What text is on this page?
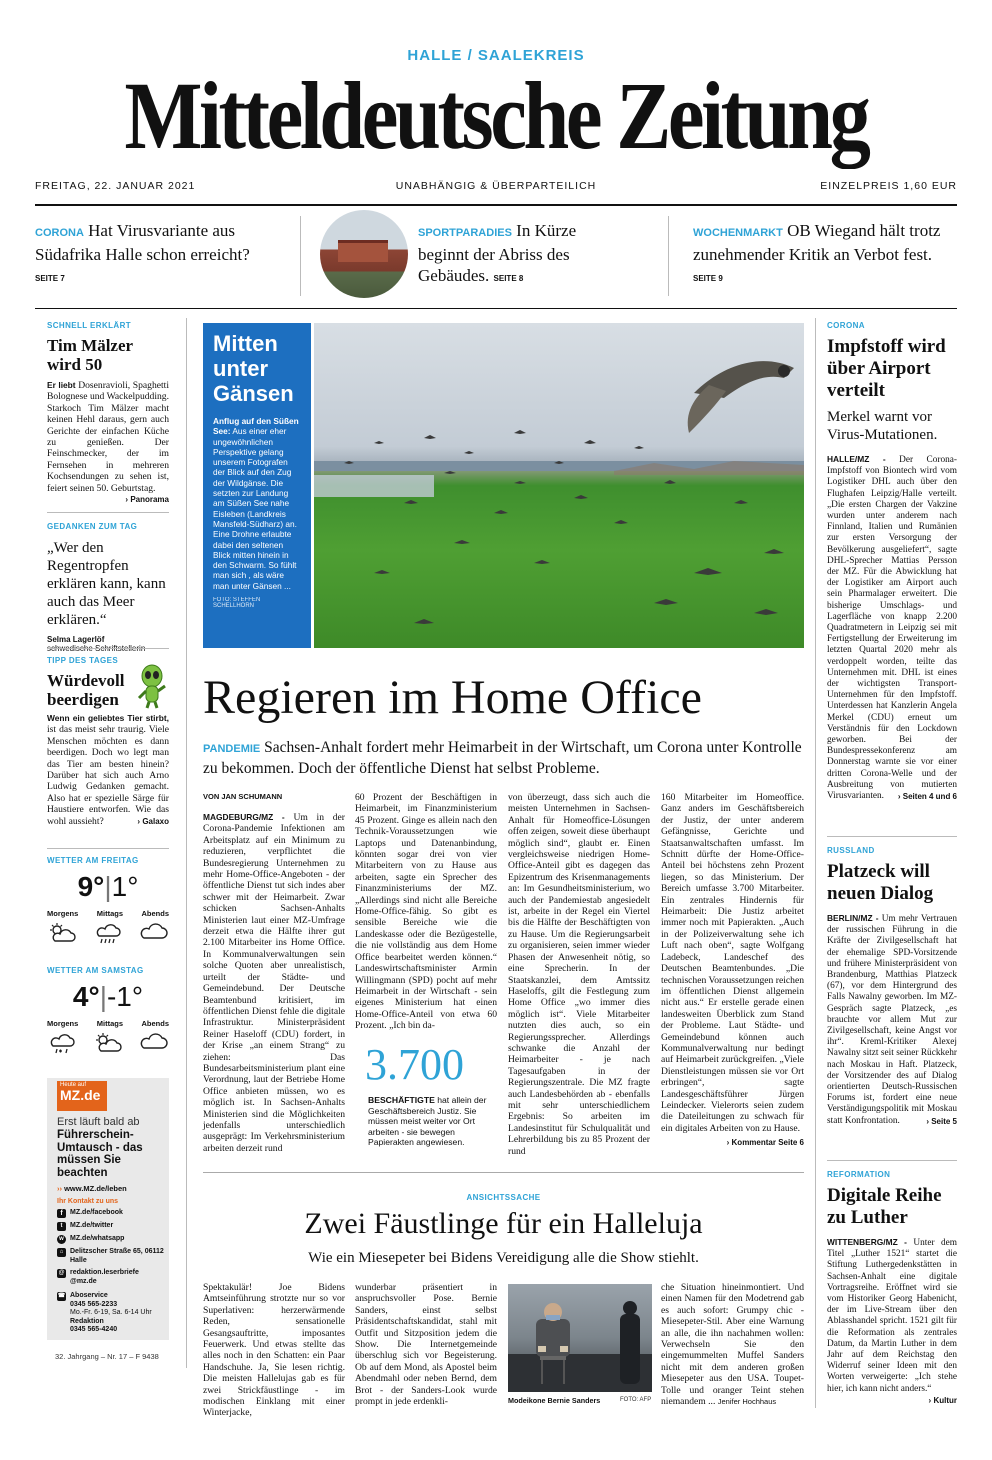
HALLE / SAALEKREIS
Mitteldeutsche Zeitung
FREITAG, 22. JANUAR 2021	UNABHÄNGIG & ÜBERPARTEILICH	EINZELPREIS 1,60 EUR
CORONA Hat Virusvariante aus Südafrika Halle schon erreicht? SEITE 7
SPORTPARADIES In Kürze beginnt der Abriss des Gebäudes. SEITE 8
WOCHENMARKT OB Wiegand hält trotz zunehmender Kritik an Verbot fest. SEITE 9
SCHNELL ERKLÄRT
Tim Mälzer wird 50
Er liebt Dosenravioli, Spaghetti Bolognese und Wackelpudding. Starkoch Tim Mälzer macht keinen Hehl daraus, gern auch Gerichte der einfachen Küche zu genießen. Der Feinschmecker, der im Fernsehen in mehreren Kochsendungen zu sehen ist, feiert seinen 50. Geburtstag.
› Panorama
GEDANKEN ZUM TAG
„Wer den Regentropfen erklären kann, kann auch das Meer erklären.“
Selma Lagerlöf
TIPP DES TAGES
Würdevoll beerdigen
Wenn ein geliebtes Tier stirbt, ist das meist sehr traurig. Viele Menschen möchten es dann beerdigen. Doch wo legt man das Tier am besten hinein? Darüber hat sich auch Arno Ludwig Gedanken gemacht. Also hat er spezielle Särge für Haustiere entworfen. Wie das wohl aussieht?	› Galaxo
WETTER AM FREITAG
9°|1°
Morgens Mittags Abends
WETTER AM SAMSTAG
4°|-1°
Morgens Mittags Abends
Heute auf
MZ.de
Erst läuft bald ab
Führerschein-Umtausch - das müssen Sie beachten
›› www.MZ.de/leben
Ihr Kontakt zu uns
f	MZ.de/facebook
t	MZ.de/twitter
w MZ.de/whatsapp
⌂ Delitzscher Straße 65, 06112 Halle
@ redaktion.leserbriefe @mz.de
☎ Aboservice
0345 565-2233
Mo.-Fr. 6-19, Sa. 6-14 Uhr
Redaktion
0345 565-4240
32. Jahrgang – Nr. 17 – F 9438
Mitten unter Gänsen
Anflug auf den Süßen See: Aus einer eher ungewöhnlichen Perspektive gelang unserem Fotografen der Blick auf den Zug der Wildgänse. Die setzten zur Landung am Süßen See nahe Eisleben (Landkreis Mansfeld-Südharz) an. Eine Drohne erlaubte dabei den seltenen Blick mitten hinein in den Schwarm. So fühlt man sich , als wäre man unter Gänsen ...
FOTO: STEFFEN SCHELLHORN
Regieren im Home Office
PANDEMIE Sachsen-Anhalt fordert mehr Heimarbeit in der Wirtschaft, um Corona unter Kontrolle zu bekommen. Doch der öffentliche Dienst hat selbst Probleme.
VON JAN SCHUMANN
MAGDEBURG/MZ - Um in der Corona-Pandemie Infektionen am Arbeitsplatz auf ein Minimum zu reduzieren, verpflichtet die Bundesregierung Unternehmen zu mehr Home-Office-Angeboten - der öffentliche Dienst tut sich indes aber schwer mit der Heimarbeit. Zwar schicken Sachsen-Anhalts Ministerien laut einer MZ-Umfrage derzeit etwa die Hälfte ihrer gut 2.100 Mitarbeiter ins Home Office. In Kommunalverwaltungen sein solche Quoten aber unrealistisch, urteilt der Städte- und Gemeindebund. Der Deutsche Beamtenbund kritisiert, im öffentlichen Dienst fehle die digitale Infrastruktur. Ministerpräsident Reiner Haseloff (CDU) fordert, in der Krise „an einem Strang“ zu ziehen: Das Bundesarbeitsministerium plant eine Verordnung, laut der Betriebe Home Office anbieten müssen, wo es möglich ist. In Sachsen-Anhalts Ministerien sind die Möglichkeiten jedenfalls unterschiedlich ausgeprägt: Im Verkehrsministerium arbeiten derzeit rund
60 Prozent der Beschäftigen in Heimarbeit, im Finanzministerium 45 Prozent. Ginge es allein nach den Technik-Voraussetzungen wie Laptops und Datenanbindung, könnten sogar drei von vier Mitarbeitern von zu Hause aus arbeiten, sagte ein Sprecher des Finanzministeriums der MZ. „Allerdings sind nicht alle Bereiche Home-Office-fähig. So gibt es sensible Bereiche wie die Landeskasse oder die Bezügestelle, die nie vollständig aus dem Home Office bearbeitet werden können.“ Landeswirtschaftsminister Armin Willingmann (SPD) pocht auf mehr Heimarbeit in der Wirtschaft - sein eigenes Ministerium hat einen Home-Office-Anteil von etwa 60 Prozent. „Ich bin da-
3.700
BESCHÄFTIGTE hat allein der Geschäftsbereich Justiz. Sie müssen meist weiter vor Ort arbeiten - sie bewegen Papierakten angewiesen.
von überzeugt, dass sich auch die meisten Unternehmen in Sachsen-Anhalt für Homeoffice-Lösungen offen zeigen, soweit diese überhaupt möglich sind“, glaubt er. Einen vergleichsweise niedrigen Home-Office-Anteil gibt es dagegen das Epizentrum des Krisenmanagements an: Im Gesundheitsministerium, wo auch der Pandemiestab angesiedelt ist, arbeite in der Regel ein Viertel bis die Hälfte der Beschäftigten von zu Hause. Um die Regierungsarbeit zu organisieren, seien immer wieder Phasen der Anwesenheit nötig, so eine Sprecherin. In der Staatskanzlei, dem Amtssitz Haseloffs, gilt die Festlegung zum Home Office „wo immer dies möglich ist“. Viele Mitarbeiter nutzten dies auch, so ein Regierungssprecher. Allerdings schwanke die Anzahl der Heimarbeiter - je nach Tagesaufgaben in der Regierungszentrale. Die MZ fragte auch Landesbehörden ab - ebenfalls mit sehr unterschiedlichem Ergebnis: So arbeiten im Landesinstitut für Schulqualität und Lehrerbildung bis zu 85 Prozent der rund
160 Mitarbeiter im Homeoffice. Ganz anders im Geschäftsbereich der Justiz, der unter anderem Gefängnisse, Gerichte und Staatsanwaltschaften umfasst. Im Schnitt dürfte der Home-Office-Anteil bei höchstens zehn Prozent liegen, so das Ministerium. Der Bereich umfasse 3.700 Mitarbeiter. Ein zentrales Hindernis für Heimarbeit: Die Justiz arbeitet immer noch mit Papierakten. „Auch in der Polizeiverwaltung sehe ich Luft nach oben“, sagte Wolfgang Ladebeck, Landeschef des Deutschen Beamtenbundes. „Die technischen Voraussetzungen reichen im öffentlichen Dienst allgemein nicht aus.“ Er erstelle gerade einen landesweiten Überblick zum Stand der Probleme. Laut Städte- und Gemeindebund können auch Kommunalverwaltung nur bedingt auf Heimarbeit zurückgreifen. „Viele Dienstleistungen müssen sie vor Ort erbringen“, sagte Landesgeschäftsführer Jürgen Leindecker. Vielerorts seien zudem die Dateileitungen zu schwach für ein digitales Arbeiten von zu Hause.
› Kommentar Seite 6
ANSICHTSSACHE
Zwei Fäustlinge für ein Halleluja
Wie ein Miesepeter bei Bidens Vereidigung alle die Show stiehlt.
Spektakulär! Joe Bidens Amtseinführung strotzte nur so vor Superlativen: herzerwärmende Reden, sensationelle Gesangsauftritte, imposantes Feuerwerk. Und etwas stellte das alles noch in den Schatten: ein Paar Handschuhe. Ja, Sie lesen richtig. Die meisten Hallelujas gab es für zwei Strickfäustlinge - im modischen Einklang mit einer Winterjacke,
wunderbar präsentiert in anspruchsvoller Pose. Bernie Sanders, einst selbst Präsidentschaftskandidat, stahl mit Outfit und Sitzposition jedem die Show. Die Internetgemeinde überschlug sich vor Begeisterung. Ob auf dem Mond, als Apostel beim Abendmahl oder neben Bernd, dem Brot - der Sanders-Look wurde prompt in jede erdenkli-	Modeikone Bernie Sanders	FOTO: AFP
che Situation hineinmontiert. Und einen Namen für den Modetrend gab es auch sofort: Grumpy chic - Miesepeter-Stil. Aber eine Warnung an alle, die ihn nachahmen wollen: Verwechseln Sie den eingemummelten Muffel Sanders nicht mit dem anderen großen Miesepeter aus den USA. Toupet-Tolle und oranger Teint stehen niemandem ... Jenifer Hochhaus
CORONA
Impfstoff wird über Airport verteilt
Merkel warnt vor Virus-Mutationen.
HALLE/MZ - Der Corona-Impfstoff von Biontech wird vom Logistiker DHL auch über den Flughafen Leipzig/Halle verteilt. „Die ersten Chargen der Vakzine wurden unter anderem nach Finnland, Italien und Rumänien zur ersten Versorgung der Bevölkerung ausgeliefert“, sagte DHL-Sprecher Mattias Persson der MZ. Für die Abwicklung hat der Logistiker am Airport auch sein Pharmalager erweitert. Die bisherige Umschlags- und Lagerfläche von knapp 2.200 Quadratmetern in Leipzig sei mit Fertigstellung der Erweiterung im letzten Quartal 2020 mehr als verdoppelt worden, teilte das Unternehmen mit. DHL ist eines der wichtigsten Transport-Unternehmen für den Impfstoff. Unterdessen hat Kanzlerin Angela Merkel (CDU) erneut um Verständnis für den Lockdown geworben. Bei der Bundespressekonferenz am Donnerstag warnte sie vor einer dritten Corona-Welle und der Ausbreitung von mutierten Virusvarianten. › Seiten 4 und 6
RUSSLAND
Platzeck will neuen Dialog
BERLIN/MZ - Um mehr Vertrauen der russischen Führung in die Kräfte der Zivilgesellschaft hat der ehemalige SPD-Vorsitzende und frühere Ministerpräsident von Brandenburg, Matthias Platzeck (67), vor dem Hintergrund des Falls Nawalny geworben. Im MZ-Gespräch sagte Platzeck, „es brauchte vor allem Mut zur Zivilgesellschaft, keine Angst vor ihr“. Kreml-Kritiker Alexej Nawalny sitzt seit seiner Rückkehr nach Moskau in Haft. Platzeck, der Vorsitzender des auf Dialog orientierten Deutsch-Russischen Forums ist, fordert eine neue Verständigungspolitik mit Moskau statt Konfrontation.	› Seite 5
REFORMATION
Digitale Reihe zu Luther
WITTENBERG/MZ - Unter dem Titel „Luther 1521“ startet die Stiftung Luthergedenkstätten in Sachsen-Anhalt eine digitale Vortragsreihe. Eröffnet wird sie vom Historiker Georg Habenicht, der im Live-Stream über den Ablasshandel spricht. 1521 gilt für die Reformation als zentrales Datum, da Martin Luther in dem Jahr auf dem Reichstag den Widerruf seiner Ideen mit den Worten verweigerte: „Ich stehe hier, ich kann nicht anders.“
› Kultur
